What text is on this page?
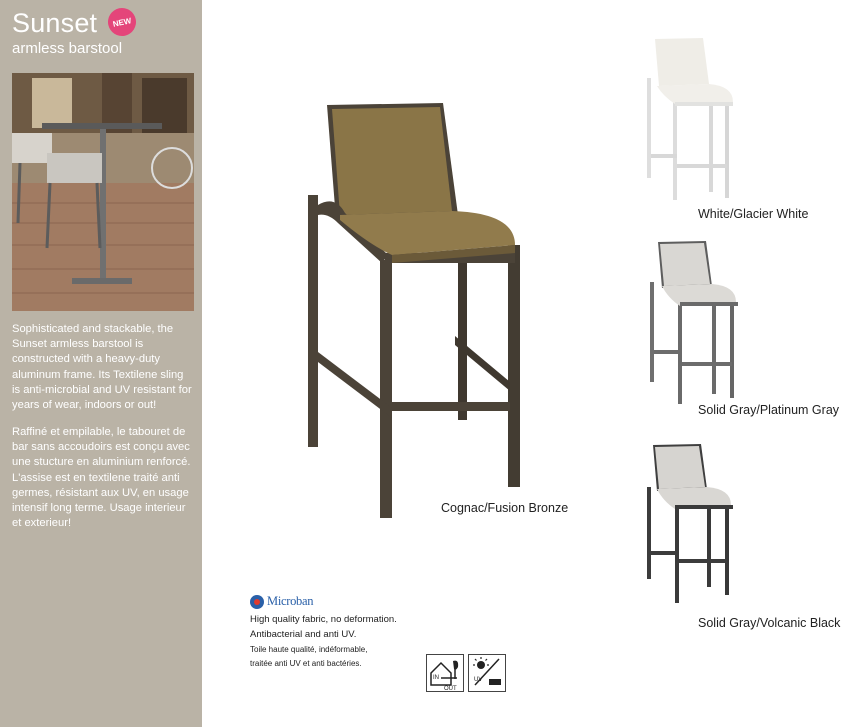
Sunset	NEW
armless barstool
Sophisticated and stackable, the Sunset armless barstool is constructed with a heavy-duty aluminum frame. Its Textilene sling is anti-microbial and UV resistant for years of wear, indoors or out!
Raffiné et empilable, le tabouret de bar sans accoudoirs est conçu avec une stucture en aluminium renforcé. L'assise est en textilene traité anti germes, résistant aux UV, en usage intensif long terme. Usage interieur et exterieur!
Cognac/Fusion Bronze
White/Glacier White
Solid Gray/Platinum Gray
Solid Gray/Volcanic Black
Microban
High quality fabric, no deformation.
Antibacterial and anti UV.
Toile haute qualité, indéformable,
traitée anti UV et anti bactéries.
IN
OUT
UV
